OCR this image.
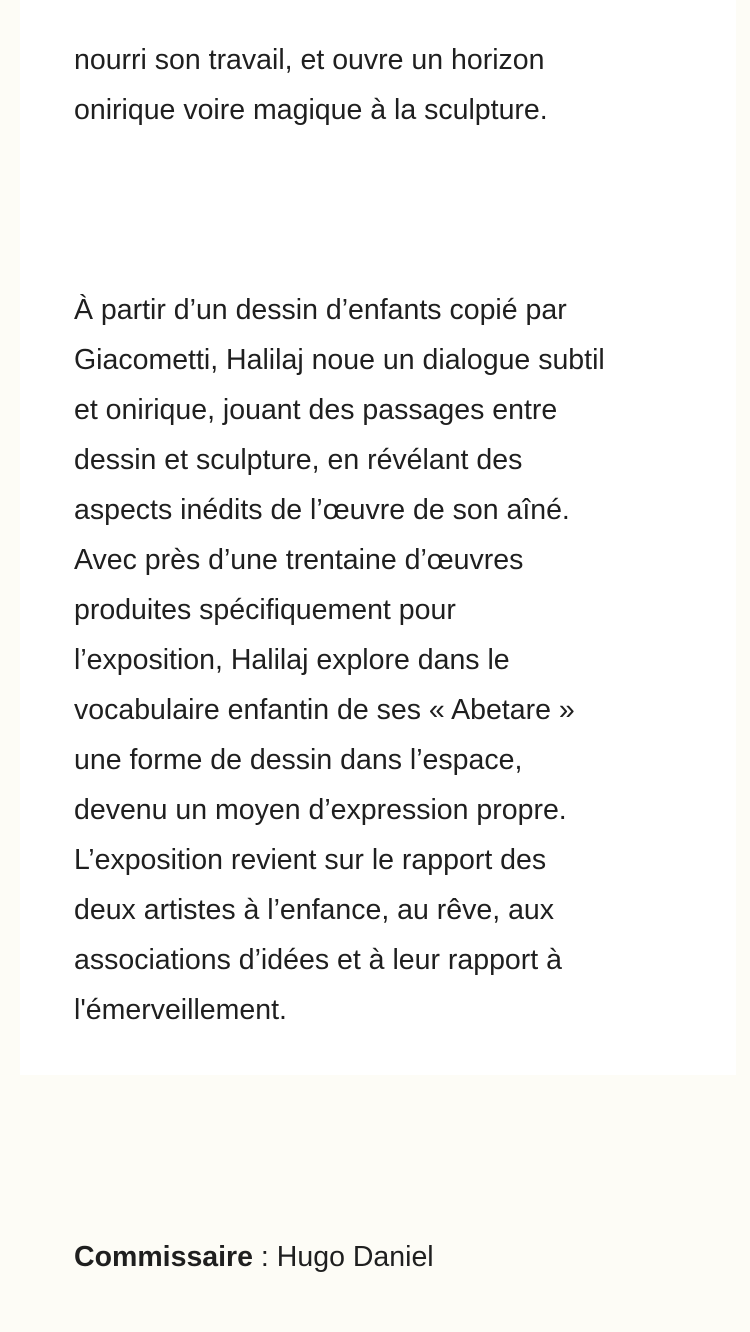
nourri son travail, et ouvre un horizon
onirique voire magique à la sculpture.

À partir d’un dessin d’enfants copié par
Giacometti, Halilaj noue un dialogue subtil
et onirique, jouant des passages entre
dessin et sculpture, en révélant des
aspects inédits de l’œuvre de son aîné.
Avec près d’une trentaine d’œuvres
produites spécifiquement pour
l’exposition, Halilaj explore dans le
vocabulaire enfantin de ses « Abetare »
une forme de dessin dans l’espace,
devenu un moyen d’expression propre.
L’exposition revient sur le rapport des
deux artistes à l’enfance, au rêve, aux
associations d’idées et à leur rapport à
l'émerveillement.

Commissaire : Hugo Daniel
